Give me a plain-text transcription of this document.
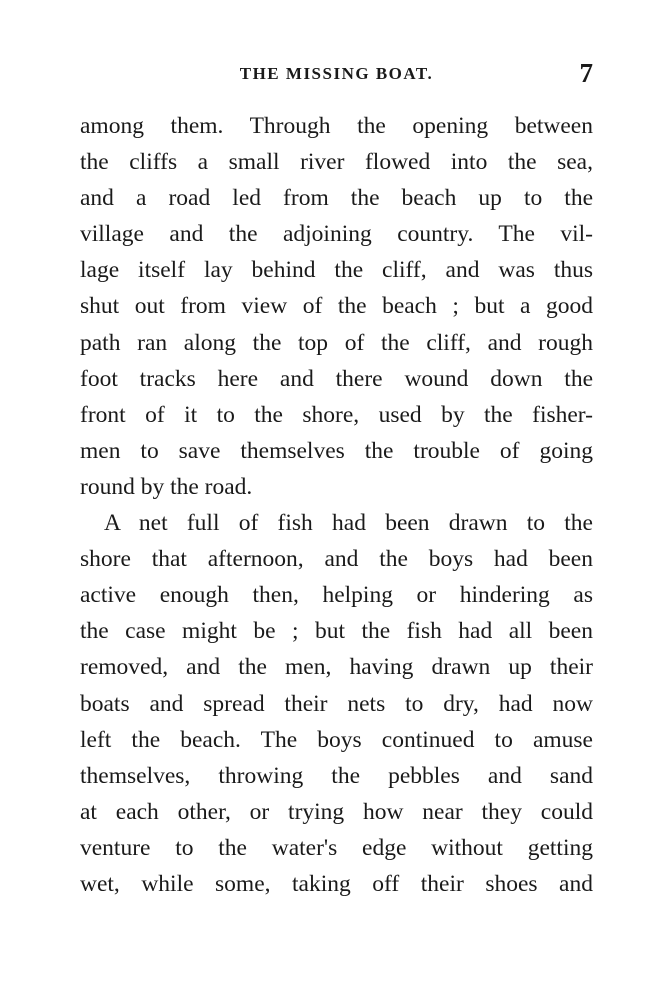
THE MISSING BOAT.	7
among them. Through the opening between
the cliffs a small river flowed into the sea,
and a road led from the beach up to the
village and the adjoining country. The vil-
lage itself lay behind the cliff, and was thus
shut out from view of the beach ; but a good
path ran along the top of the cliff, and rough
foot tracks here and there wound down the
front of it to the shore, used by the fisher-
men to save themselves the trouble of going
round by the road.
A net full of fish had been drawn to the
shore that afternoon, and the boys had been
active enough then, helping or hindering as
the case might be ; but the fish had all been
removed, and the men, having drawn up their
boats and spread their nets to dry, had now
left the beach. The boys continued to amuse
themselves, throwing the pebbles and sand
at each other, or trying how near they could
venture to the water's edge without getting
wet, while some, taking off their shoes and
